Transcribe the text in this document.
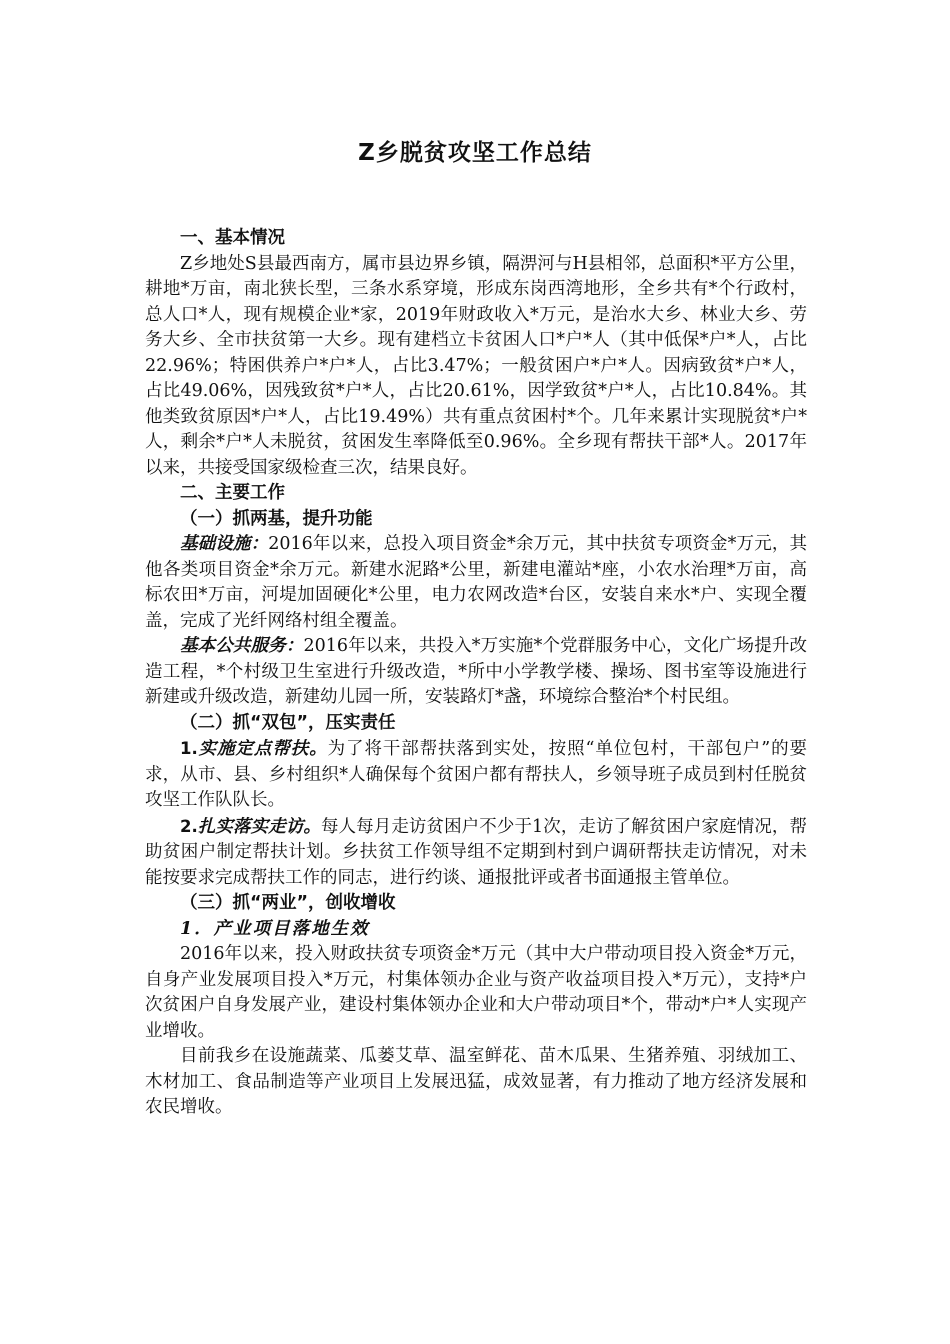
Z乡脱贫攻坚工作总结

一、基本情况

Z乡地处S县最西南方，属市县边界乡镇，隔淠河与H县相邻，总面积*平方公里，耕地*万亩，南北狭长型，三条水系穿境，形成东岗西湾地形，全乡共有*个行政村，总人口*人，现有规模企业*家，2019年财政收入*万元，是治水大乡、林业大乡、劳务大乡、全市扶贫第一大乡。现有建档立卡贫困人口*户*人（其中低保*户*人，占比22.96%；特困供养户*户*人，占比3.47%；一般贫困户*户*人。因病致贫*户*人，占比49.06%，因残致贫*户*人，占比20.61%，因学致贫*户*人，占比10.84%。其他类致贫原因*户*人，占比19.49%）共有重点贫困村*个。几年来累计实现脱贫*户*人，剩余*户*人未脱贫，贫困发生率降低至0.96%。全乡现有帮扶干部*人。2017年以来，共接受国家级检查三次，结果良好。

二、主要工作

（一）抓两基，提升功能

基础设施：2016年以来，总投入项目资金*余万元，其中扶贫专项资金*万元，其他各类项目资金*余万元。新建水泥路*公里，新建电灌站*座，小农水治理*万亩，高标农田*万亩，河堤加固硬化*公里，电力农网改造*台区，安装自来水*户、实现全覆盖，完成了光纤网络村组全覆盖。

基本公共服务：2016年以来，共投入*万实施*个党群服务中心，文化广场提升改造工程，*个村级卫生室进行升级改造，*所中小学教学楼、操场、图书室等设施进行新建或升级改造，新建幼儿园一所，安装路灯*盏，环境综合整治*个村民组。

（二）抓“双包”，压实责任

1.实施定点帮扶。为了将干部帮扶落到实处，按照“单位包村，干部包户”的要求，从市、县、乡村组织*人确保每个贫困户都有帮扶人，乡领导班子成员到村任脱贫攻坚工作队队长。

2.扎实落实走访。每人每月走访贫困户不少于1次，走访了解贫困户家庭情况，帮助贫困户制定帮扶计划。乡扶贫工作领导组不定期到村到户调研帮扶走访情况，对未能按要求完成帮扶工作的同志，进行约谈、通报批评或者书面通报主管单位。

（三）抓“两业”，创收增收

1．产业项目落地生效

2016年以来，投入财政扶贫专项资金*万元（其中大户带动项目投入资金*万元，自身产业发展项目投入*万元，村集体领办企业与资产收益项目投入*万元），支持*户次贫困户自身发展产业，建设村集体领办企业和大户带动项目*个，带动*户*人实现产业增收。

目前我乡在设施蔬菜、瓜蒌艾草、温室鲜花、苗木瓜果、生猪养殖、羽绒加工、木材加工、食品制造等产业项目上发展迅猛，成效显著，有力推动了地方经济发展和农民增收。
